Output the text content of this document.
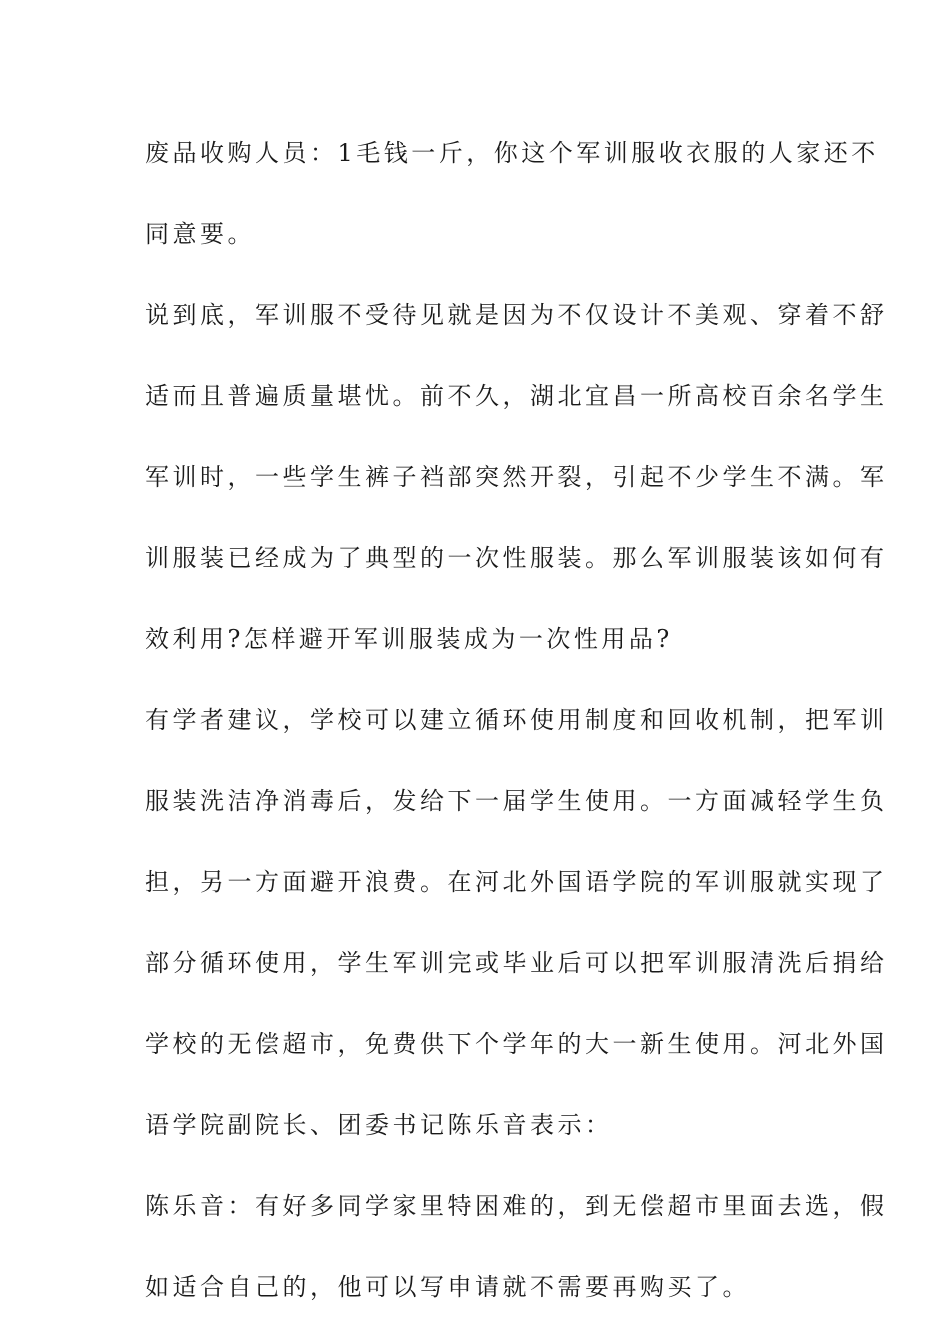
废品收购人员：1毛钱一斤，你这个军训服收衣服的人家还不
同意要。
说到底，军训服不受待见就是因为不仅设计不美观、穿着不舒
适而且普遍质量堪忧。前不久，湖北宜昌一所高校百余名学生
军训时，一些学生裤子裆部突然开裂，引起不少学生不满。军
训服装已经成为了典型的一次性服装。那么军训服装该如何有
效利用?怎样避开军训服装成为一次性用品?
有学者建议，学校可以建立循环使用制度和回收机制，把军训
服装洗洁净消毒后，发给下一届学生使用。一方面减轻学生负
担，另一方面避开浪费。在河北外国语学院的军训服就实现了
部分循环使用，学生军训完或毕业后可以把军训服清洗后捐给
学校的无偿超市，免费供下个学年的大一新生使用。河北外国
语学院副院长、团委书记陈乐音表示：
陈乐音：有好多同学家里特困难的，到无偿超市里面去选，假
如适合自己的，他可以写申请就不需要再购买了。
